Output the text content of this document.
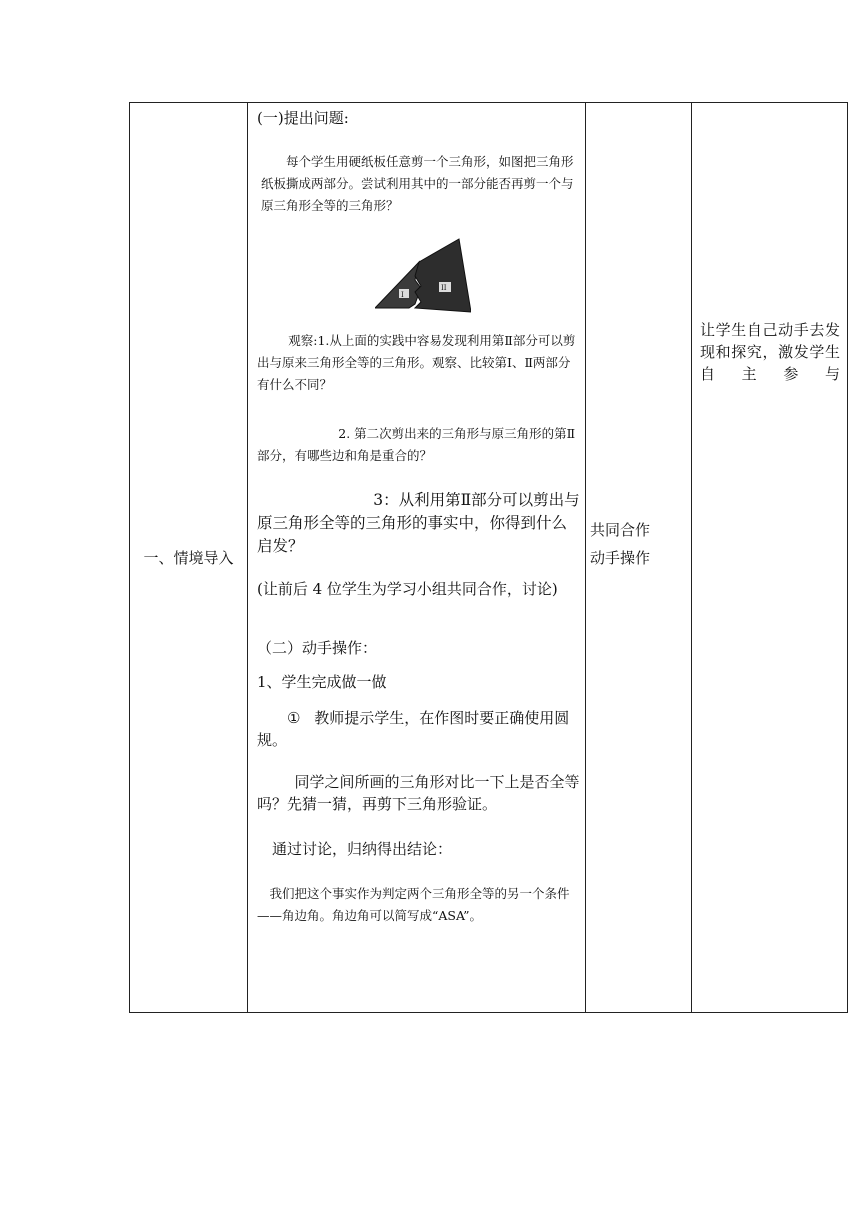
一、情境导入
(一)提出问题:
每个学生用硬纸板任意剪一个三角形，如图把三角形纸板撕成两部分。尝试利用其中的一部分能否再剪一个与原三角形全等的三角形？
I
II
观察:1.从上面的实践中容易发现利用第Ⅱ部分可以剪出与原来三角形全等的三角形。观察、比较第Ⅰ、Ⅱ两部分有什么不同？
2. 第二次剪出来的三角形与原三角形的第Ⅱ部分，有哪些边和角是重合的？
3：从利用第Ⅱ部分可以剪出与原三角形全等的三角形的事实中，你得到什么启发？
(让前后 4 位学生为学习小组共同合作，讨论)
（二）动手操作：
1、学生完成做一做
① 教师提示学生，在作图时要正确使用圆规。
同学之间所画的三角形对比一下上是否全等吗？先猜一猜，再剪下三角形验证。
通过讨论，归纳得出结论：
我们把这个事实作为判定两个三角形全等的另一个条件——角边角。角边角可以简写成“ASA”。
共同合作
动手操作
让学生自己动手去发现和探究，激发学生自主参与
